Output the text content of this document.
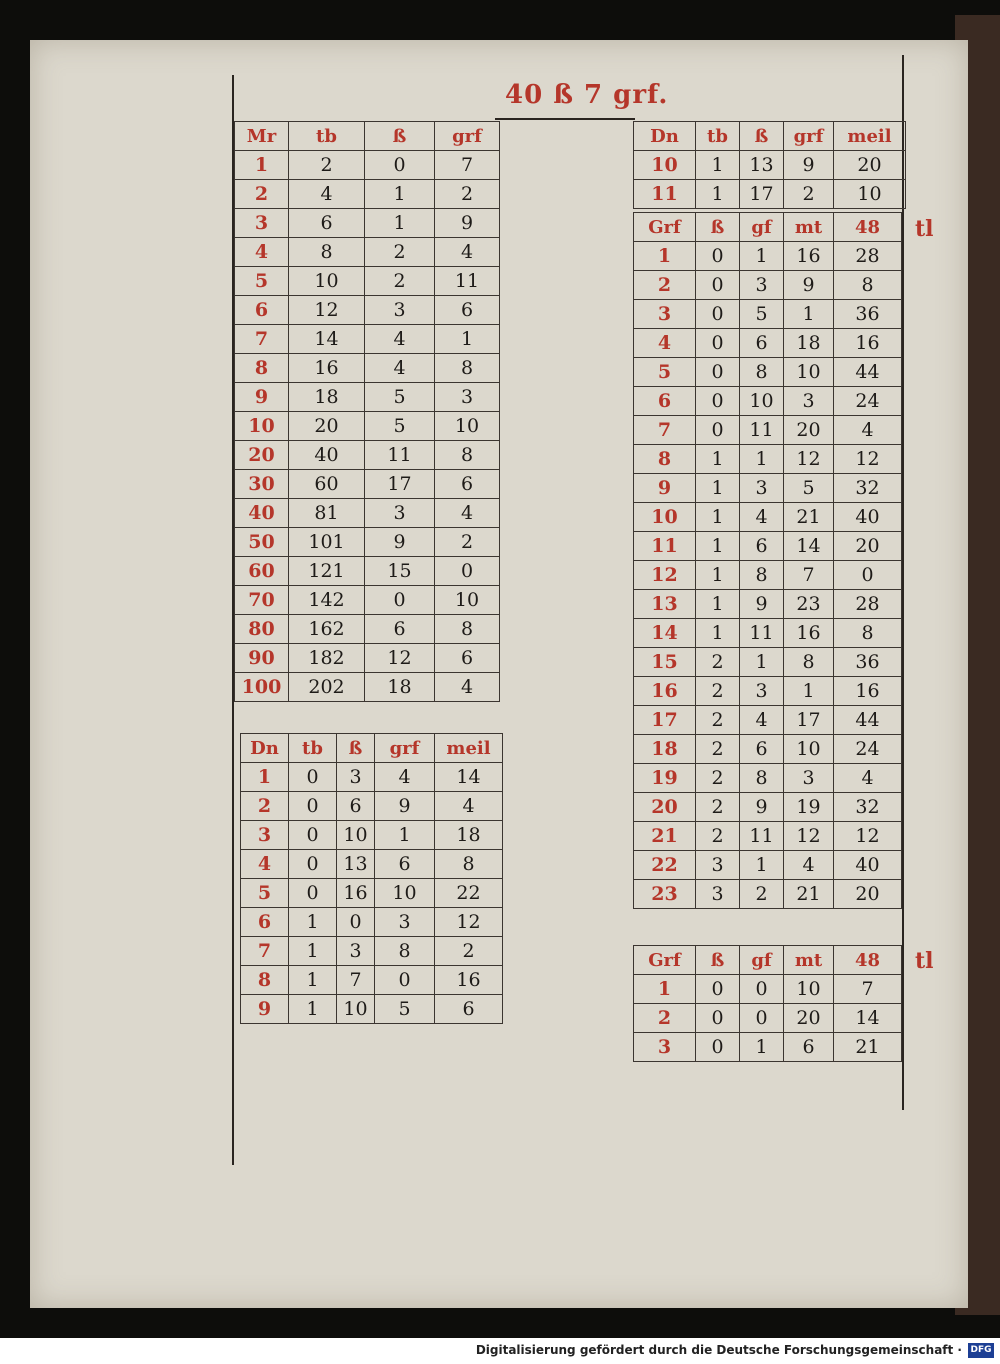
40 ß 7 grf.
Mr	tb	ß	grf
1	2	0	7
2	4	1	2
3	6	1	9
4	8	2	4
5	10	2	11
6	12	3	6
7	14	4	1
8	16	4	8
9	18	5	3
10	20	5	10
20	40	11	8
30	60	17	6
40	81	3	4
50	101	9	2
60	121	15	0
70	142	0	10
80	162	6	8
90	182	12	6
100	202	18	4
Dn	tb	ß	grf	meil
1	0	3	4	14
2	0	6	9	4
3	0	10	1	18
4	0	13	6	8
5	0	16	10	22
6	1	0	3	12
7	1	3	8	2
8	1	7	0	16
9	1	10	5	6
Dn	tb	ß	grf	meil
10	1	13	9	20
11	1	17	2	10
Grf	ß	gf	mt	48
1	0	1	16	28
2	0	3	9	8
3	0	5	1	36
4	0	6	18	16
5	0	8	10	44
6	0	10	3	24
7	0	11	20	4
8	1	1	12	12
9	1	3	5	32
10	1	4	21	40
11	1	6	14	20
12	1	8	7	0
13	1	9	23	28
14	1	11	16	8
15	2	1	8	36
16	2	3	1	16
17	2	4	17	44
18	2	6	10	24
19	2	8	3	4
20	2	9	19	32
21	2	11	12	12
22	3	1	4	40
23	3	2	21	20
tl
Grf	ß	gf	mt	48
1	0	0	10	7
2	0	0	20	14
3	0	1	6	21
tl
Digitalisierung gefördert durch die Deutsche Forschungsgemeinschaft · DFG
